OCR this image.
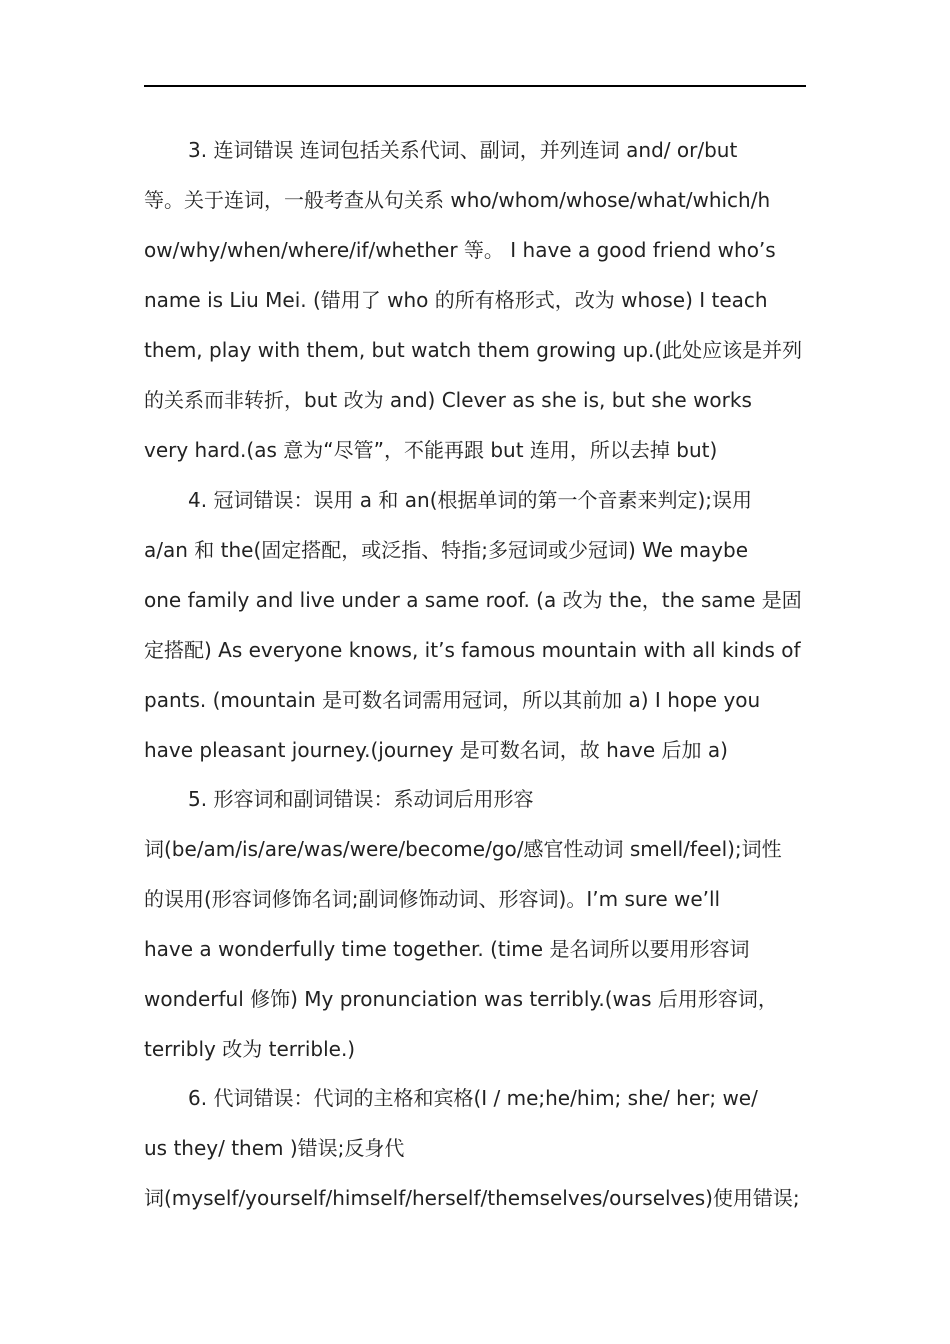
3. 连词错误 连词包括关系代词、副词，并列连词 and/ or/but
等。关于连词，一般考查从句关系 who/whom/whose/what/which/h
ow/why/when/where/if/whether 等。 I have a good friend who’s
name is Liu Mei. (错用了 who 的所有格形式，改为 whose) I teach
them, play with them, but watch them growing up.(此处应该是并列
的关系而非转折，but 改为 and) Clever as she is, but she works
very hard.(as 意为“尽管”，不能再跟 but 连用，所以去掉 but)
4. 冠词错误：误用 a 和 an(根据单词的第一个音素来判定);误用
a/an 和 the(固定搭配，或泛指、特指;多冠词或少冠词) We maybe
one family and live under a same roof. (a 改为 the，the same 是固
定搭配) As everyone knows, it’s famous mountain with all kinds of
pants. (mountain 是可数名词需用冠词，所以其前加 a) I hope you
have pleasant journey.(journey 是可数名词，故 have 后加 a)
5. 形容词和副词错误：系动词后用形容
词(be/am/is/are/was/were/become/go/感官性动词 smell/feel);词性
的误用(形容词修饰名词;副词修饰动词、形容词)。I’m sure we’ll
have a wonderfully time together. (time 是名词所以要用形容词
wonderful 修饰) My pronunciation was terribly.(was 后用形容词，
terribly 改为 terrible.)
6. 代词错误：代词的主格和宾格(I / me;he/him; she/ her; we/
us they/ them )错误;反身代
词(myself/yourself/himself/herself/themselves/ourselves)使用错误;
